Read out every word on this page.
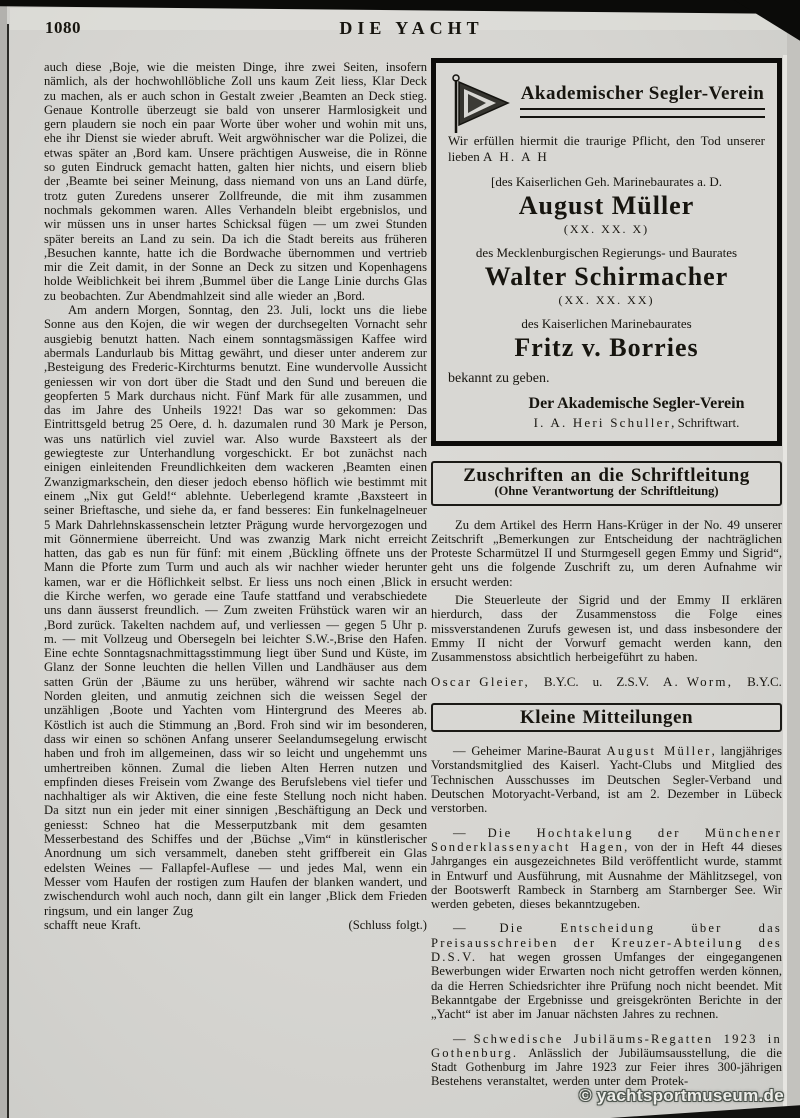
1080	DIE YACHT

auch diese ,Boje, wie die meisten Dinge, ihre zwei Seiten, insofern nämlich, als der hochwohllöbliche Zoll uns kaum Zeit liess, Klar Deck zu machen, als er auch schon in Gestalt zweier ,Beamten an Deck stieg. Genaue Kontrolle überzeugt sie bald von unserer Harmlosigkeit und gern plaudern sie noch ein paar Worte über woher und wohin mit uns, ehe ihr Dienst sie wieder abruft. Weit argwöhnischer war die Polizei, die etwas später an ,Bord kam. Unsere prächtigen Ausweise, die in Rönne so guten Eindruck gemacht hatten, galten hier nichts, und eisern blieb der ,Beamte bei seiner Meinung, dass niemand von uns an Land dürfe, trotz guten Zuredens unserer Zollfreunde, die mit ihm zusammen nochmals gekommen waren. Alles Verhandeln bleibt ergebnislos, und wir müssen uns in unser hartes Schicksal fügen — um zwei Stunden später bereits an Land zu sein. Da ich die Stadt bereits aus früheren ,Besuchen kannte, hatte ich die Bordwache übernommen und vertrieb mir die Zeit damit, in der Sonne an Deck zu sitzen und Kopenhagens holde Weiblichkeit bei ihrem ,Bummel über die Lange Linie durchs Glas zu beobachten. Zur Abendmahlzeit sind alle wieder an ,Bord.

Am andern Morgen, Sonntag, den 23. Juli, lockt uns die liebe Sonne aus den Kojen, die wir wegen der durchsegelten Vornacht sehr ausgiebig benutzt hatten. Nach einem sonntagsmässigen Kaffee wird abermals Landurlaub bis Mittag gewährt, und dieser unter anderem zur ,Besteigung des Frederic-Kirchturms benutzt. Eine wundervolle Aussicht geniessen wir von dort über die Stadt und den Sund und bereuen die geopferten 5 Mark durchaus nicht. Fünf Mark für alle zusammen, und das im Jahre des Unheils 1922! Das war so gekommen: Das Eintrittsgeld betrug 25 Oere, d. h. dazumalen rund 30 Mark je Person, was uns natürlich viel zuviel war. Also wurde Baxsteert als der gewiegteste zur Unterhandlung vorgeschickt. Er bot zunächst nach einigen einleitenden Freundlichkeiten dem wackeren ,Beamten einen Zwanzigmarkschein, den dieser jedoch ebenso höflich wie bestimmt mit einem „Nix gut Geld!“ ablehnte. Ueberlegend kramte ,Baxsteert in seiner Brieftasche, und siehe da, er fand besseres: Ein funkelnagelneuer 5 Mark Dahrlehnskassenschein letzter Prägung wurde hervorgezogen und mit Gönnermiene überreicht. Und was zwanzig Mark nicht erreicht hatten, das gab es nun für fünf: mit einem ,Bückling öffnete uns der Mann die Pforte zum Turm und auch als wir nachher wieder herunter kamen, war er die Höflichkeit selbst. Er liess uns noch einen ,Blick in die Kirche werfen, wo gerade eine Taufe stattfand und verabschiedete uns dann äusserst freundlich. — Zum zweiten Frühstück waren wir an ,Bord zurück. Takelten nachdem auf, und verliessen — gegen 5 Uhr p. m. — mit Vollzeug und Obersegeln bei leichter S.W.-,Brise den Hafen. Eine echte Sonntagsnachmittagsstimmung liegt über Sund und Küste, im Glanz der Sonne leuchten die hellen Villen und Landhäuser aus dem satten Grün der ,Bäume zu uns herüber, während wir sachte nach Norden gleiten, und anmutig zeichnen sich die weissen Segel der unzähligen ,Boote und Yachten vom Hintergrund des Meeres ab. Köstlich ist auch die Stimmung an ,Bord. Froh sind wir im besonderen, dass wir einen so schönen Anfang unserer Seelandumsegelung erwischt haben und froh im allgemeinen, dass wir so leicht und ungehemmt uns umhertreiben können. Zumal die lieben Alten Herren nutzen und empfinden dieses Freisein vom Zwange des Berufslebens viel tiefer und nachhaltiger als wir Aktiven, die eine feste Stellung noch nicht haben. Da sitzt nun ein jeder mit einer sinnigen ,Beschäftigung an Deck und geniesst: Schneo hat die Messerputzbank mit dem gesamten Messerbestand des Schiffes und der ,Büchse „Vim“ in künstlerischer Anordnung um sich versammelt, daneben steht griffbereit ein Glas edelsten Weines — Fallapfel-Auflese — und jedes Mal, wenn ein Messer vom Haufen der rostigen zum Haufen der blanken wandert, und zwischendurch wohl auch noch, dann gilt ein langer ,Blick dem Frieden ringsum, und ein langer Zug

schafft neue Kraft.	(Schluss folgt.)
Akademischer Segler-Verein
Wir erfüllen hiermit die traurige Pflicht, den Tod unserer lieben A H. A H
[des Kaiserlichen Geh. Marinebaurates a. D.
August Müller
(XX. XX. X)
des Mecklenburgischen Regierungs- und Baurates
Walter Schirmacher
(XX. XX. XX)
des Kaiserlichen Marinebaurates
Fritz v. Borries
bekannt zu geben.
Der Akademische Segler-Verein
I. A. Heri Schuller, Schriftwart.
Zuschriften an die Schriftleitung
(Ohne Verantwortung der Schriftleitung)

Zu dem Artikel des Herrn Hans-Krüger in der No. 49 unserer Zeitschrift „Bemerkungen zur Entscheidung der nachträglichen Proteste Scharmützel II und Sturmgesell gegen Emmy und Sigrid“, geht uns die folgende Zuschrift zu, um deren Aufnahme wir ersucht werden:

Die Steuerleute der Sigrid und der Emmy II erklären hierdurch, dass der Zusammenstoss die Folge eines missverstandenen Zurufs gewesen ist, und dass insbesondere der Emmy II nicht der Vorwurf gemacht werden kann, den Zusammenstoss absichtlich herbeigeführt zu haben.

Oscar Gleier, B.Y.C. u. Z.S.V. A. Worm, B.Y.C.
Kleine Mitteilungen

— Geheimer Marine-Baurat August Müller, langjähriges Vorstandsmitglied des Kaiserl. Yacht-Clubs und Mitglied des Technischen Ausschusses im Deutschen Segler-Verband und Deutschen Motoryacht-Verband, ist am 2. Dezember in Lübeck verstorben.

— Die Hochtakelung der Münchener Sonderklassenyacht Hagen, von der in Heft 44 dieses Jahrganges ein ausgezeichnetes Bild veröffentlicht wurde, stammt in Entwurf und Ausführung, mit Ausnahme der Mählitzsegel, von der Bootswerft Rambeck in Starnberg am Starnberger See. Wir werden gebeten, dieses bekanntzugeben.

— Die Entscheidung über das Preisausschreiben der Kreuzer-Abteilung des D.S.V. hat wegen grossen Umfanges der eingegangenen Bewerbungen wider Erwarten noch nicht getroffen werden können, da die Herren Schiedsrichter ihre Prüfung noch nicht beendet. Mit Bekanntgabe der Ergebnisse und greisgekrönten Berichte in der „Yacht“ ist aber im Januar nächsten Jahres zu rechnen.

— Schwedische Jubiläums-Regatten 1923 in Gothenburg. Anlässlich der Jubiläumsausstellung, die die Stadt Gothenburg im Jahre 1923 zur Feier ihres 300-jährigen Bestehens veranstaltet, werden unter dem Protek-

© yachtsportmuseum.de
